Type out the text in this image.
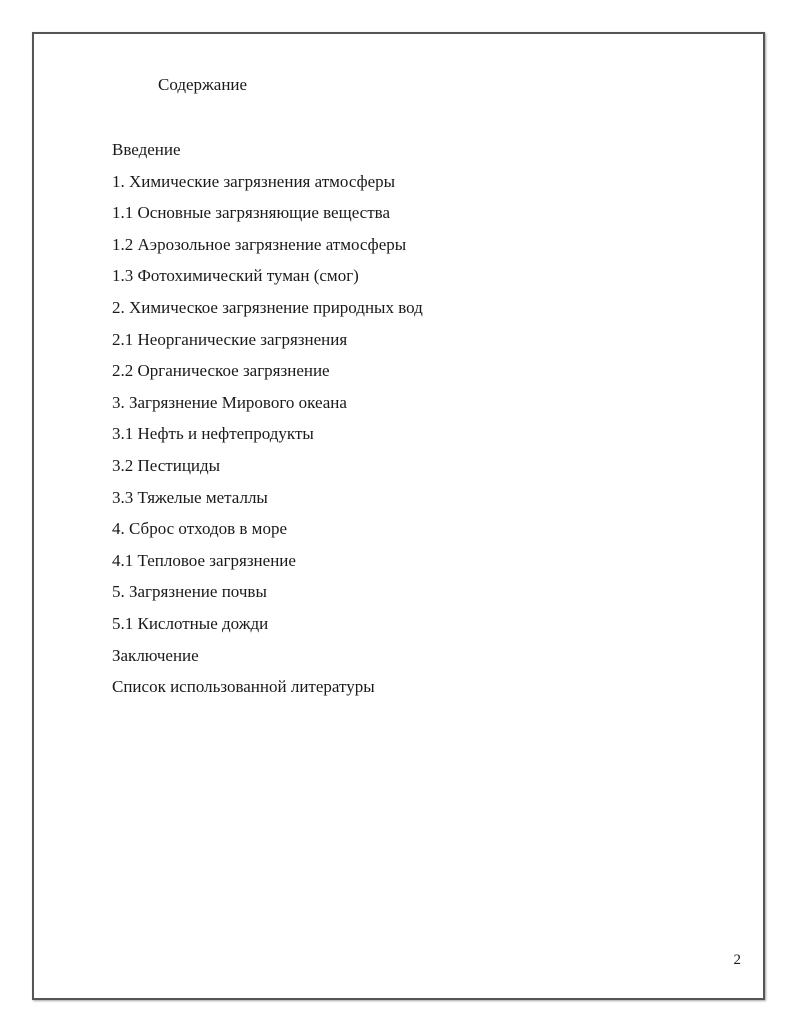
Содержание
Введение
1. Химические загрязнения атмосферы
1.1 Основные загрязняющие вещества
1.2 Аэрозольное загрязнение атмосферы
1.3 Фотохимический туман (смог)
2. Химическое загрязнение природных вод
2.1 Неорганические загрязнения
2.2 Органическое загрязнение
3. Загрязнение Мирового океана
3.1 Нефть и нефтепродукты
3.2 Пестициды
3.3 Тяжелые металлы
4. Сброс отходов в море
4.1 Тепловое загрязнение
5. Загрязнение почвы
5.1 Кислотные дожди
Заключение
Список использованной литературы
2
